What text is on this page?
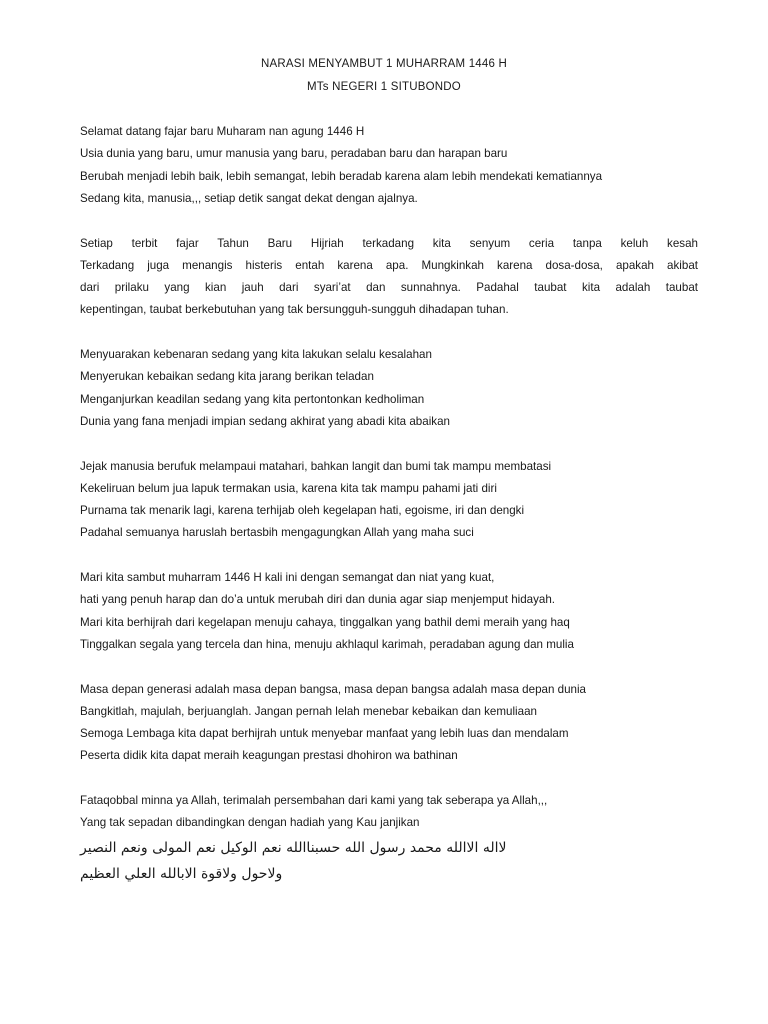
NARASI MENYAMBUT 1 MUHARRAM 1446 H
MTs NEGERI 1 SITUBONDO
Selamat datang fajar baru Muharam nan agung 1446 H
Usia dunia yang baru, umur manusia yang baru, peradaban baru dan harapan baru
Berubah menjadi lebih baik, lebih semangat, lebih beradab karena alam lebih mendekati kematiannya
Sedang kita, manusia,,, setiap detik sangat dekat dengan ajalnya.
Setiap terbit fajar Tahun Baru Hijriah terkadang kita senyum ceria tanpa keluh kesah
Terkadang juga menangis histeris entah karena apa. Mungkinkah karena dosa-dosa, apakah akibat
dari prilaku yang kian jauh dari syari’at dan sunnahnya. Padahal taubat kita adalah taubat
kepentingan, taubat berkebutuhan yang tak bersungguh-sungguh dihadapan tuhan.
Menyuarakan kebenaran sedang yang kita lakukan selalu kesalahan
Menyerukan kebaikan sedang kita jarang berikan teladan
Menganjurkan keadilan sedang yang kita pertontonkan kedholiman
Dunia yang fana menjadi impian sedang akhirat yang abadi kita abaikan
Jejak manusia berufuk melampaui matahari, bahkan langit dan bumi tak mampu membatasi
Kekeliruan belum jua lapuk termakan usia, karena kita tak mampu pahami jati diri
Purnama tak menarik lagi, karena terhijab oleh kegelapan hati, egoisme, iri dan dengki
Padahal semuanya haruslah bertasbih mengagungkan Allah yang maha suci
Mari kita sambut muharram 1446 H kali ini dengan semangat dan niat yang kuat,
hati yang penuh harap dan do’a untuk merubah diri dan dunia agar siap menjemput hidayah.
Mari kita berhijrah dari kegelapan menuju cahaya, tinggalkan yang bathil demi meraih yang haq
Tinggalkan segala yang tercela dan hina, menuju akhlaqul karimah, peradaban agung dan mulia
Masa depan generasi adalah masa depan bangsa, masa depan bangsa adalah masa depan dunia
Bangkitlah, majulah, berjuanglah. Jangan pernah lelah menebar kebaikan dan kemuliaan
Semoga Lembaga kita dapat berhijrah untuk menyebar manfaat yang lebih luas dan mendalam
Peserta didik kita dapat meraih keagungan prestasi dhohiron wa bathinan
Fataqobbal minna ya Allah, terimalah persembahan dari kami yang tak seberapa ya Allah,,,
Yang tak sepadan dibandingkan dengan hadiah yang Kau janjikan
لااله الاالله محمد رسول الله حسبناالله نعم الوكيل نعم المولى ونعم النصير
ولاحول ولاقوة الابالله العلي العظيم
